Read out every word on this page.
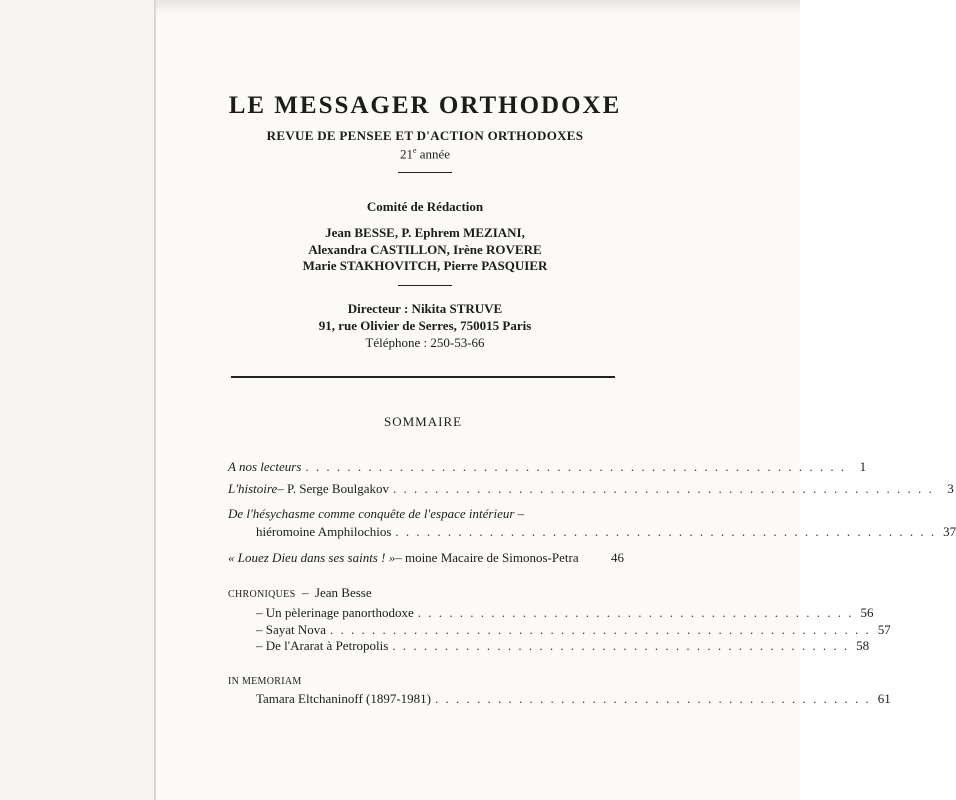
LE MESSAGER ORTHODOXE
REVUE DE PENSEE ET D'ACTION ORTHODOXES
21e année
Comité de Rédaction
Jean BESSE, P. Ephrem MEZIANI,
Alexandra CASTILLON, Irène ROVERE
Marie STAKHOVITCH, Pierre PASQUIER
Directeur : Nikita STRUVE
91, rue Olivier de Serres, 750015 Paris
Téléphone : 250-53-66
SOMMAIRE
A nos lecteurs . . . . . . . . . . . . . . . . . . . . . . . . . . . . . . . . . . . . . . . . . . . . . . . . . . . .	1
L'histoire – P. Serge Boulgakov . . . . . . . . . . . . . . . . . . . . . . . . . . . . . . . . . . . . . . . . . . . . . . . . . . . .	3
De l'hésychasme comme conquête de l'espace intérieur –
hiéromoine Amphilochios . . . . . . . . . . . . . . . . . . . . . . . . . . . . . . . . . . . . . . . . . . . . . . . . . . . . 37
« Louez Dieu dans ses saints ! » – moine Macaire de Simonos-Petra 46
CHRONIQUES  –  Jean Besse
– Un pèlerinage panorthodoxe . . . . . . . . . . . . . . . . . . . . . . . . . . . . . . . . . . . . . . . . . . 56
– Sayat Nova . . . . . . . . . . . . . . . . . . . . . . . . . . . . . . . . . . . . . . . . . . . . . . . . . . . . 57
– De l'Ararat à Petropolis . . . . . . . . . . . . . . . . . . . . . . . . . . . . . . . . . . . . . . . . . . . . 58
IN MEMORIAM
Tamara Eltchaninoff (1897-1981) . . . . . . . . . . . . . . . . . . . . . . . . . . . . . . . . . . . . . . . . . . 61
